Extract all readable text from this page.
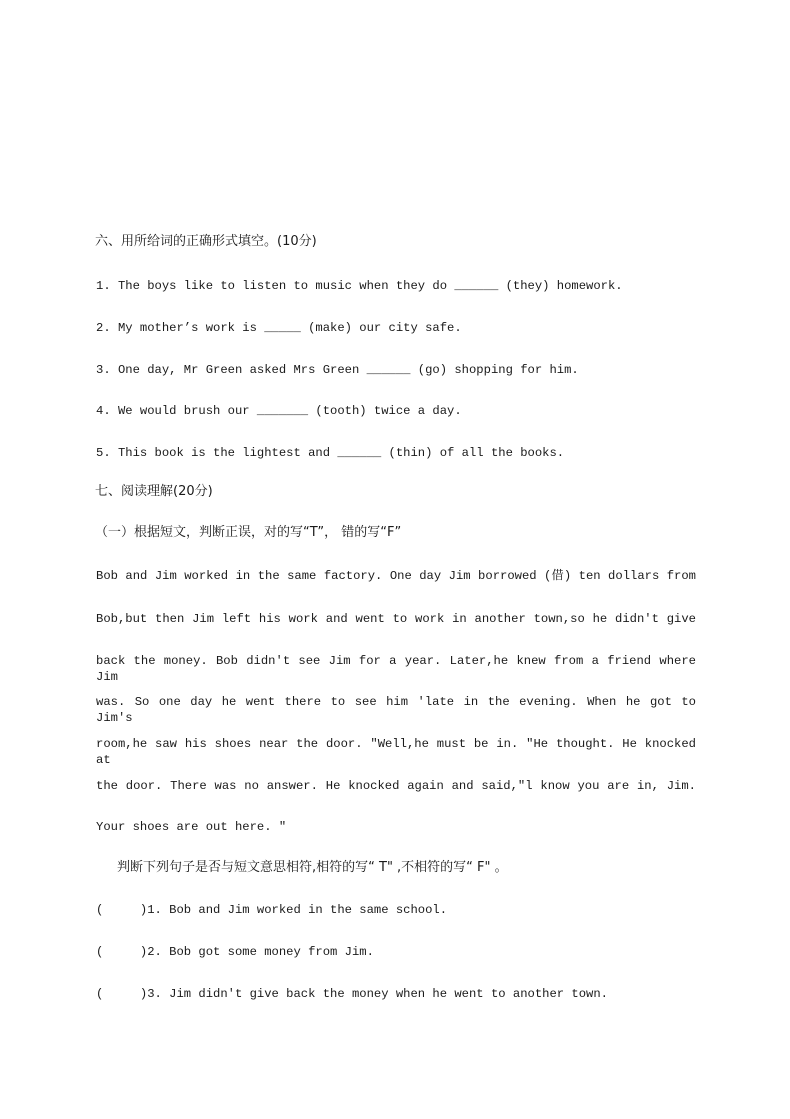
六、用所给词的正确形式填空。(10分)
1. The boys like to listen to music when they do ______ (they) homework.
2. My mother’s work is _____ (make) our city safe.
3. One day, Mr Green asked Mrs Green ______ (go) shopping for him.
4. We would brush our _______ (tooth) twice a day.
5. This book is the lightest and ______ (thin) of all the books.
七、阅读理解(20分)
（一）根据短文，判断正误，对的写“T”， 错的写“F”
Bob and Jim worked in the same factory. One day Jim borrowed (借) ten dollars from
Bob,but then Jim left his work and went to work in another town,so he didn't give
back the money. Bob didn't see Jim for a year. Later,he knew from a friend where Jim
was. So one day he went there to see him 'late in the evening. When he got to Jim's
room,he saw his shoes near the door. "Well,he must be in. "He thought. He knocked at
the door. There was no answer. He knocked again and said,"l know you are in, Jim.
Your shoes are out here. "
判断下列句子是否与短文意思相符,相符的写“ T" ,不相符的写“ F" 。
(     )1. Bob and Jim worked in the same school.
(     )2. Bob got some money from Jim.
(     )3. Jim didn't give back the money when he went to another town.
